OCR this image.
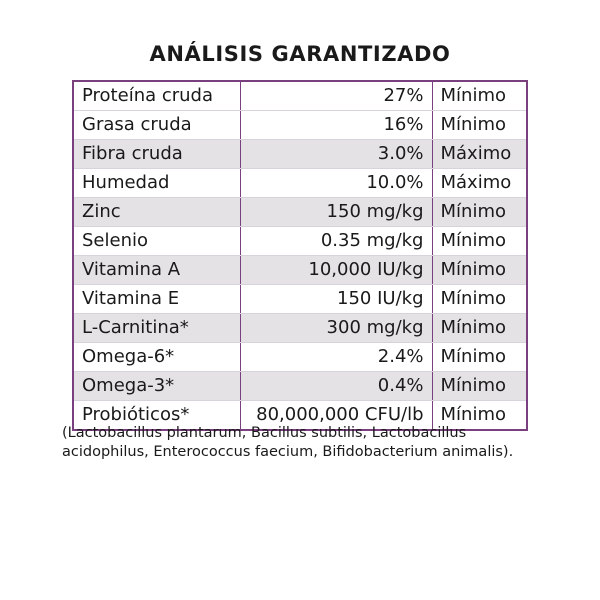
ANÁLISIS GARANTIZADO
Proteína cruda	27%	Mínimo
Grasa cruda	16%	Mínimo
Fibra cruda	3.0%	Máximo
Humedad	10.0%	Máximo
Zinc	150 mg/kg	Mínimo
Selenio	0.35 mg/kg	Mínimo
Vitamina A	10,000 IU/kg	Mínimo
Vitamina E	150 IU/kg	Mínimo
L-Carnitina*	300 mg/kg	Mínimo
Omega-6*	2.4%	Mínimo
Omega-3*	0.4%	Mínimo
Probióticos*	80,000,000 CFU/lb	Mínimo
(Lactobacillus plantarum, Bacillus subtilis, Lactobacillus acidophilus, Enterococcus faecium, Bifidobacterium animalis).
